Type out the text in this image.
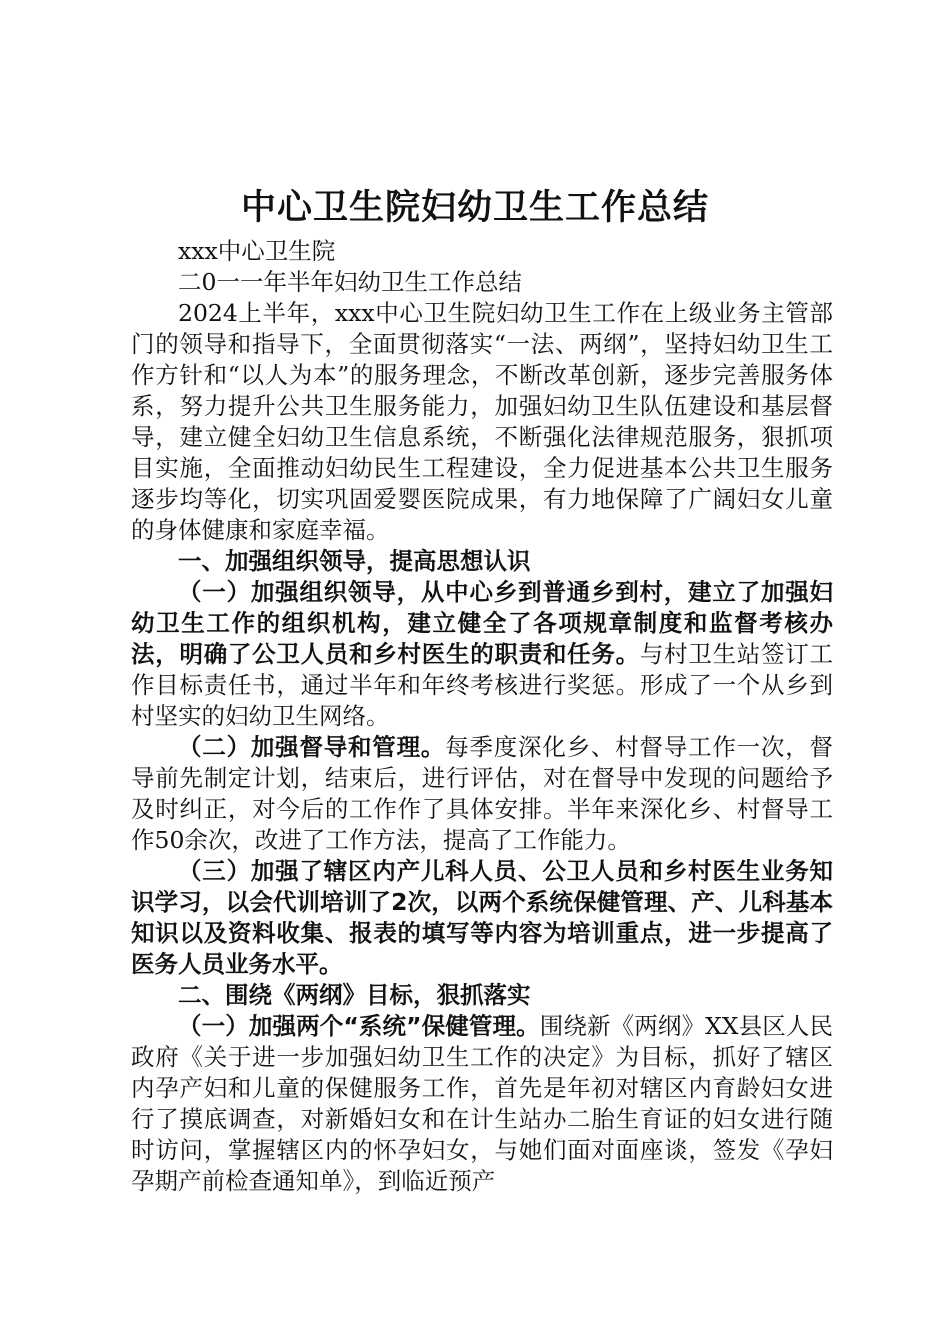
中心卫生院妇幼卫生工作总结

xxx中心卫生院

二0一一年半年妇幼卫生工作总结

2024上半年，xxx中心卫生院妇幼卫生工作在上级业务主管部门的领导和指导下，全面贯彻落实“一法、两纲”，坚持妇幼卫生工作方针和“以人为本”的服务理念，不断改革创新，逐步完善服务体系，努力提升公共卫生服务能力，加强妇幼卫生队伍建设和基层督导，建立健全妇幼卫生信息系统，不断强化法律规范服务，狠抓项目实施，全面推动妇幼民生工程建设，全力促进基本公共卫生服务逐步均等化，切实巩固爱婴医院成果，有力地保障了广阔妇女儿童的身体健康和家庭幸福。

一、加强组织领导，提高思想认识

（一）加强组织领导，从中心乡到普通乡到村，建立了加强妇幼卫生工作的组织机构，建立健全了各项规章制度和监督考核办法，明确了公卫人员和乡村医生的职责和任务。与村卫生站签订工作目标责任书，通过半年和年终考核进行奖惩。形成了一个从乡到村坚实的妇幼卫生网络。

（二）加强督导和管理。每季度深化乡、村督导工作一次，督导前先制定计划，结束后，进行评估，对在督导中发现的问题给予及时纠正，对今后的工作作了具体安排。半年来深化乡、村督导工作50余次，改进了工作方法，提高了工作能力。

（三）加强了辖区内产儿科人员、公卫人员和乡村医生业务知识学习，以会代训培训了2次，以两个系统保健管理、产、儿科基本知识以及资料收集、报表的填写等内容为培训重点，进一步提高了医务人员业务水平。

二、围绕《两纲》目标，狠抓落实

（一）加强两个“系统”保健管理。围绕新《两纲》XX县区人民政府《关于进一步加强妇幼卫生工作的决定》为目标，抓好了辖区内孕产妇和儿童的保健服务工作，首先是年初对辖区内育龄妇女进行了摸底调查，对新婚妇女和在计生站办二胎生育证的妇女进行随时访问，掌握辖区内的怀孕妇女，与她们面对面座谈，签发《孕妇孕期产前检查通知单》，到临近预产
